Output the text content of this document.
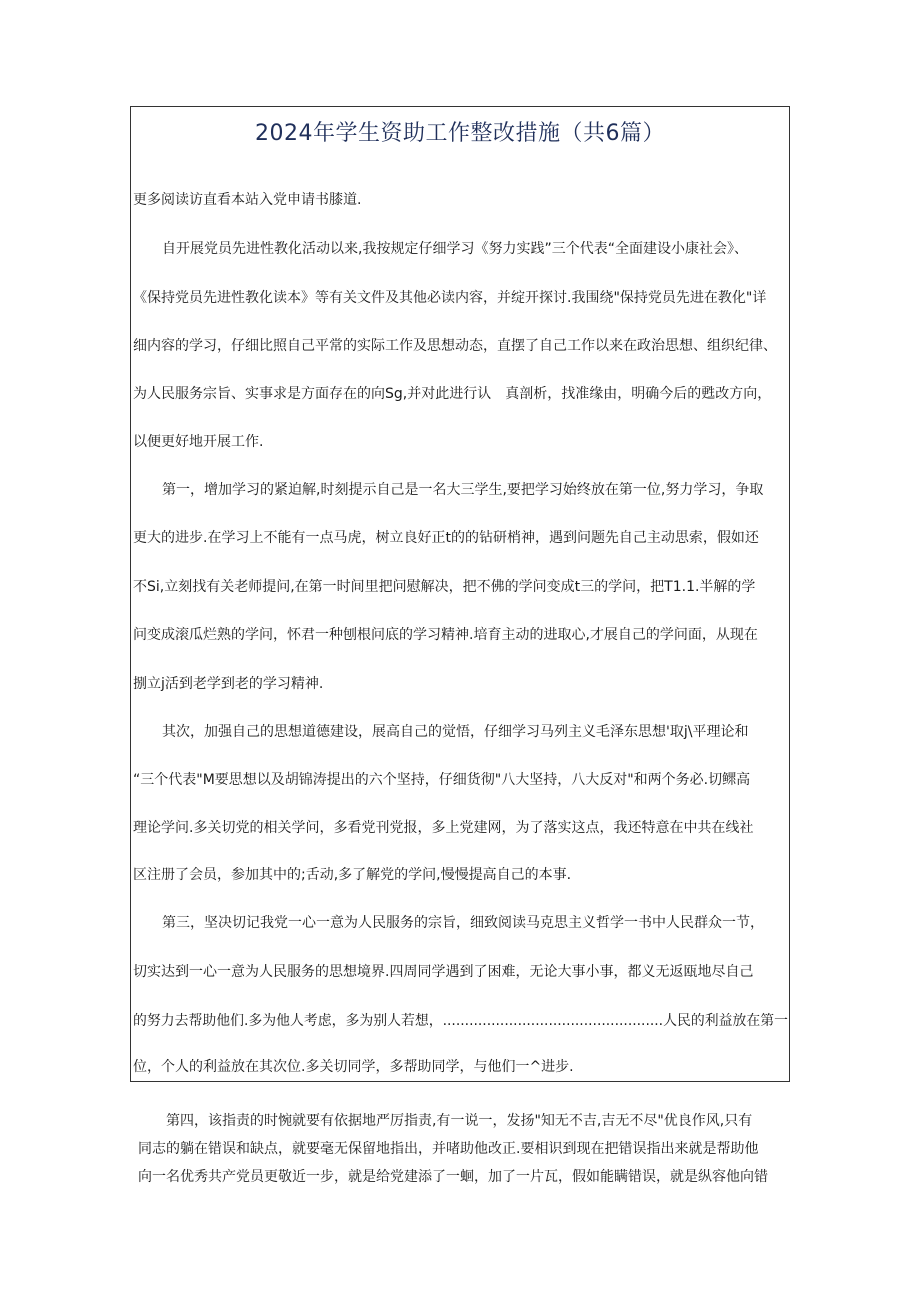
2024年学生资助工作整改措施（共6篇）
更多阅读访直看本站入党申请书膝道.
自开展党员先进性教化活动以来,我按规定仔细学习《努力实践”三个代表“全面建设小康社会》、
《保持党员先进性教化读本》等有关文件及其他必读内容，并绽开探讨.我围绕"保持党员先进在教化"详
细内容的学习，仔细比照自己平常的实际工作及思想动态，直摆了自己工作以来在政治思想、组织纪律、
为人民服务宗旨、实事求是方面存在的向Sg,并对此进行认　真剖析，找准缘由，明确今后的甦改方向，
以便更好地开展工作.
第一，增加学习的紧迫解,时刻提示自己是一名大三学生,要把学习始终放在第一位,努力学习，争取
更大的进步.在学习上不能有一点马虎，树立良好正t的的钻研梢神，遇到问题先自己主动思索，假如还
不Si,立刻找有关老师提问,在第一时间里把问慰解决，把不佛的学问变成t三的学问，把T1.1.半解的学
问变成滚瓜烂熟的学问，怀君一种刨根问底的学习精神.培育主动的进取心,才展自己的学问面，从现在
捌立j活到老学到老的学习精神.
其次，加强自己的思想道德建设，展高自己的觉悟，仔细学习马列主义毛泽东思想'取j\平理论和
“三个代表"M要思想以及胡锦涛提出的六个坚持，仔细货彻"八大坚持，八大反对"和两个务必.切鳏高
理论学问.多关切党的相关学问，多看党刊党报，多上党建网，为了落实这点，我还特意在中共在线社
区注册了会员，参加其中的;舌动,多了解党的学问,慢慢提高自己的本事.
第三，坚决切记我党一心一意为人民服务的宗旨，细致阅读马克思主义哲学一书中人民群众一节，
切实达到一心一意为人民服务的思想境界.四周同学遇到了困难，无论大事小事，都义无返瓯地尽自己
的努力去帮助他们.多为他人考虑，多为别人若想，..................................................人民的利益放在第一
位，个人的利益放在其次位.多关切同学，多帮助同学，与他们一^进步.
第四，该指责的时惋就要有依据地严厉指责,有一说一，发扬"知无不吉,吉无不尽"优良作风,只有
同志的躺在错误和缺点，就要毫无保留地指出，并啫助他改正.要相识到现在把错误指出来就是帮助他
向一名优秀共产党员更敬近一步，就是给党建添了一蛔，加了一片瓦，假如能瞒错误，就是纵容他向错
